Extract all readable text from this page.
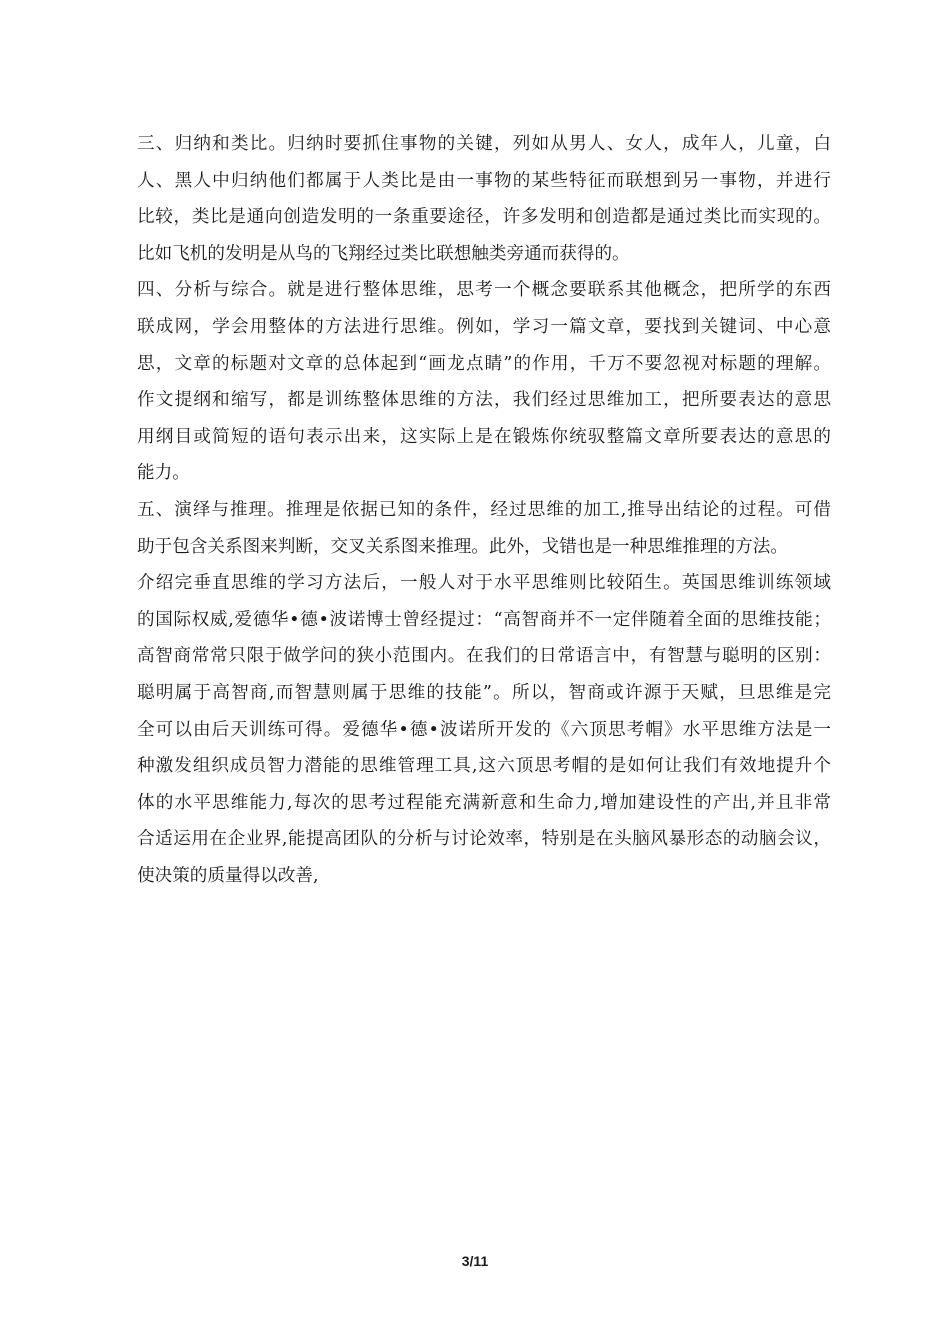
三、归纳和类比。归纳时要抓住事物的关键，列如从男人、女人，成年人，儿童，白
人、黑人中归纳他们都属于人类比是由一事物的某些特征而联想到另一事物，并进行
比较，类比是通向创造发明的一条重要途径，许多发明和创造都是通过类比而实现的。
比如飞机的发明是从鸟的飞翔经过类比联想触类旁通而获得的。
四、分析与综合。就是进行整体思维，思考一个概念要联系其他概念，把所学的东西
联成网，学会用整体的方法进行思维。例如，学习一篇文章，要找到关键词、中心意
思，文章的标题对文章的总体起到“画龙点睛”的作用，千万不要忽视对标题的理解。
作文提纲和缩写，都是训练整体思维的方法，我们经过思维加工，把所要表达的意思
用纲目或简短的语句表示出来，这实际上是在锻炼你统驭整篇文章所要表达的意思的
能力。
五、演绎与推理。推理是依据已知的条件，经过思维的加工,推导出结论的过程。可借
助于包含关系图来判断，交叉关系图来推理。此外，戈错也是一种思维推理的方法。
介绍完垂直思维的学习方法后，一般人对于水平思维则比较陌生。英国思维训练领域
的国际权威,爱德华•德•波诺博士曾经提过：“高智商并不一定伴随着全面的思维技能；
高智商常常只限于做学问的狭小范围内。在我们的日常语言中，有智慧与聪明的区别：
聪明属于高智商,而智慧则属于思维的技能”。所以，智商或许源于天赋，旦思维是完
全可以由后天训练可得。爱德华•德•波诺所开发的《六顶思考帽》水平思维方法是一
种激发组织成员智力潜能的思维管理工具,这六顶思考帽的是如何让我们有效地提升个
体的水平思维能力,每次的思考过程能充满新意和生命力,增加建设性的产出,并且非常
合适运用在企业界,能提高团队的分析与讨论效率，特别是在头脑风暴形态的动脑会议，
使决策的质量得以改善,
3/11
